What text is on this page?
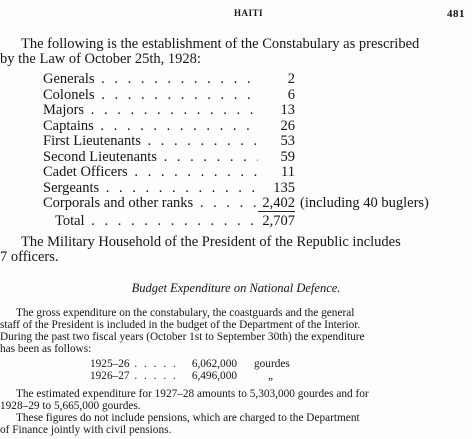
HAITI	481
The following is the establishment of the Constabulary as prescribed
by the Law of October 25th, 1928:
Generals . . .	2
Colonels . . .	6
Majors . . .	13
Captains . . .	26
First Lieutenants . . .	53
Second Lieutenants . . .	59
Cadet Officers . . .	11
Sergeants . . .	135
Corporals and other ranks . . .	2,402 (including 40 buglers)
Total . . .	2,707
The Military Household of the President of the Republic includes
7 officers.
Budget Expenditure on National Defence.
The gross expenditure on the constabulary, the coastguards and the general
staff of the President is included in the budget of the Department of the Interior.
During the past two fiscal years (October 1st to September 30th) the expenditure
has been as follows:
1925–26 . . .	6,062,000 gourdes
1926–27 . . .	6,496,000	„
The estimated expenditure for 1927–28 amounts to 5,303,000 gourdes and for
1928–29 to 5,665,000 gourdes.
These figures do not include pensions, which are charged to the Department
of Finance jointly with civil pensions.
